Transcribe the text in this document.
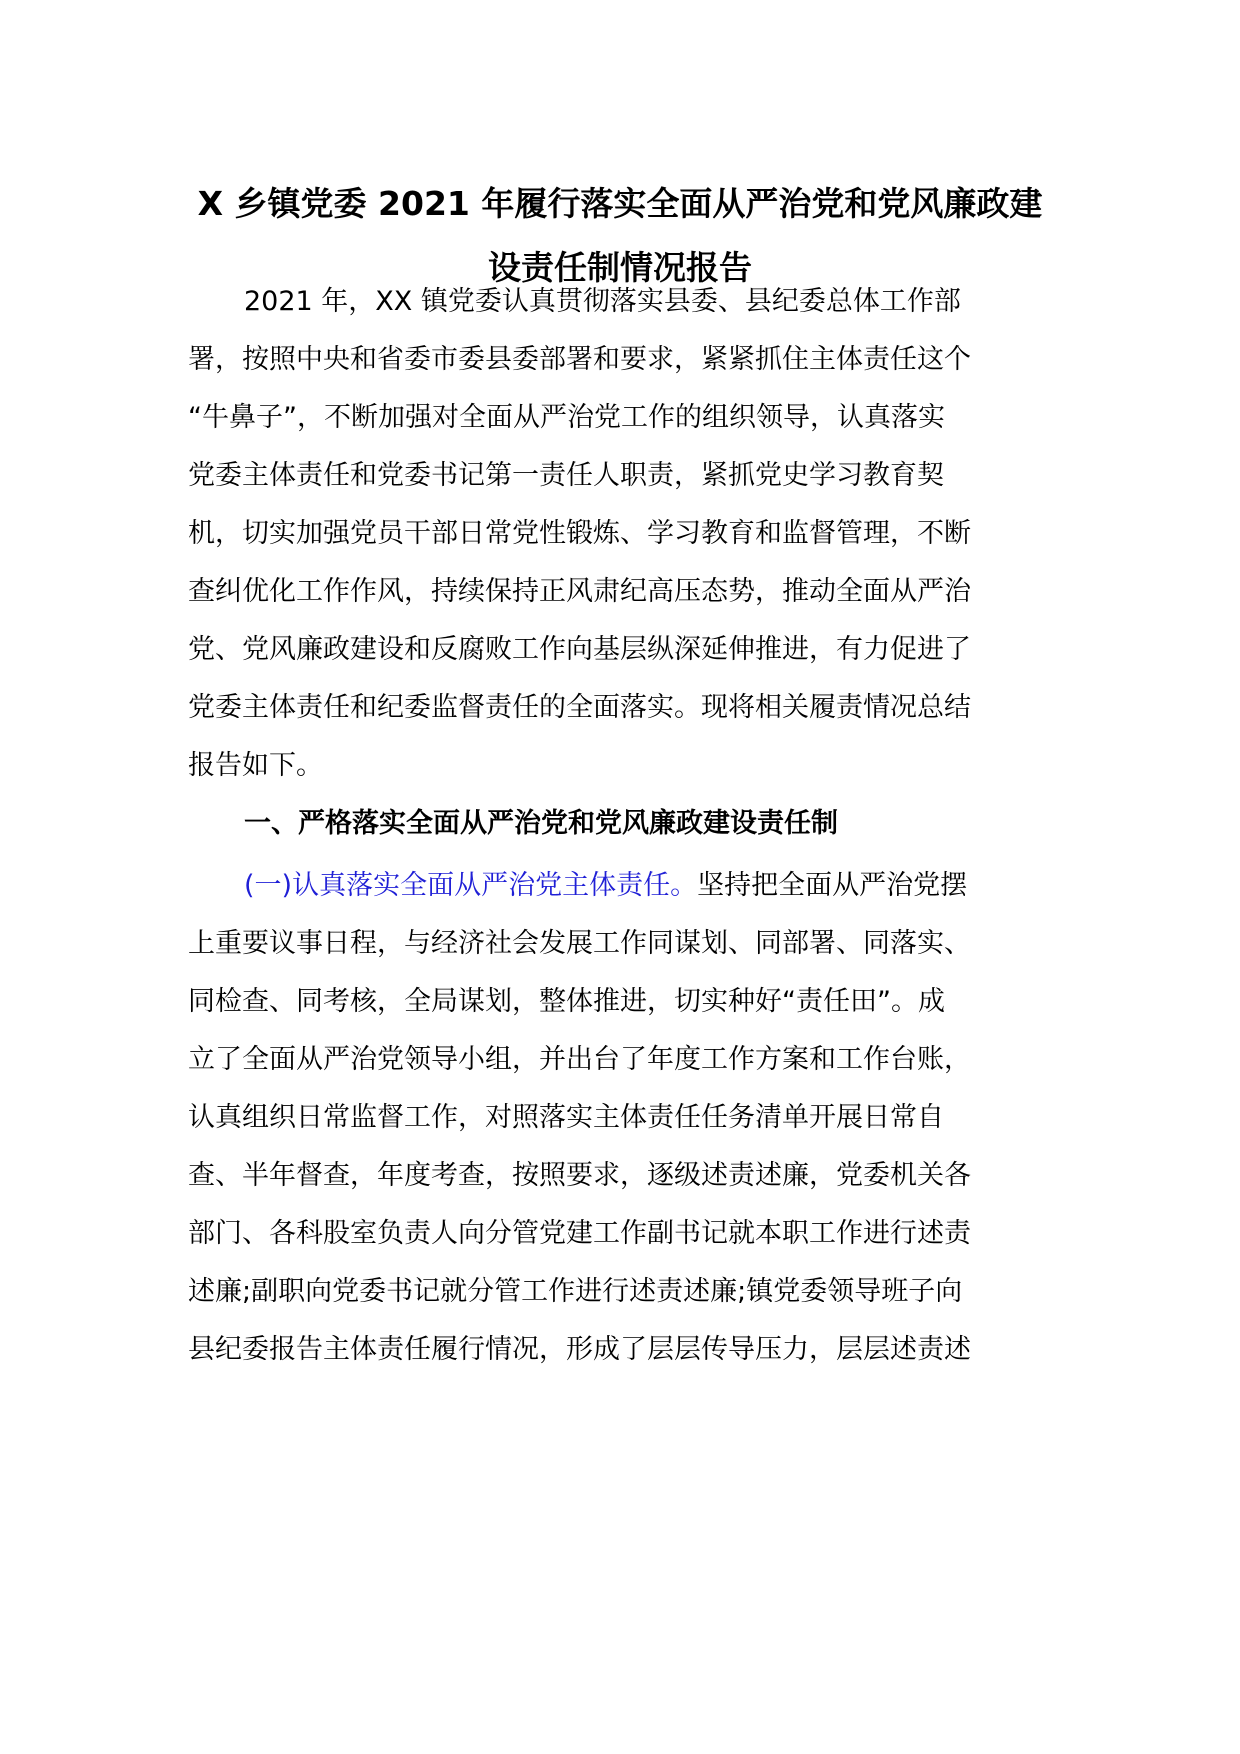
X 乡镇党委 2021 年履行落实全面从严治党和党风廉政建
设责任制情况报告
2021 年，XX 镇党委认真贯彻落实县委、县纪委总体工作部
署，按照中央和省委市委县委部署和要求，紧紧抓住主体责任这个
“牛鼻子”，不断加强对全面从严治党工作的组织领导，认真落实
党委主体责任和党委书记第一责任人职责，紧抓党史学习教育契
机，切实加强党员干部日常党性锻炼、学习教育和监督管理，不断
查纠优化工作作风，持续保持正风肃纪高压态势，推动全面从严治
党、党风廉政建设和反腐败工作向基层纵深延伸推进，有力促进了
党委主体责任和纪委监督责任的全面落实。现将相关履责情况总结
报告如下。
一、严格落实全面从严治党和党风廉政建设责任制
(一)认真落实全面从严治党主体责任。坚持把全面从严治党摆
上重要议事日程，与经济社会发展工作同谋划、同部署、同落实、
同检查、同考核，全局谋划，整体推进，切实种好“责任田”。成
立了全面从严治党领导小组，并出台了年度工作方案和工作台账，
认真组织日常监督工作，对照落实主体责任任务清单开展日常自
查、半年督查，年度考查，按照要求，逐级述责述廉，党委机关各
部门、各科股室负责人向分管党建工作副书记就本职工作进行述责
述廉;副职向党委书记就分管工作进行述责述廉;镇党委领导班子向
县纪委报告主体责任履行情况，形成了层层传导压力，层层述责述
